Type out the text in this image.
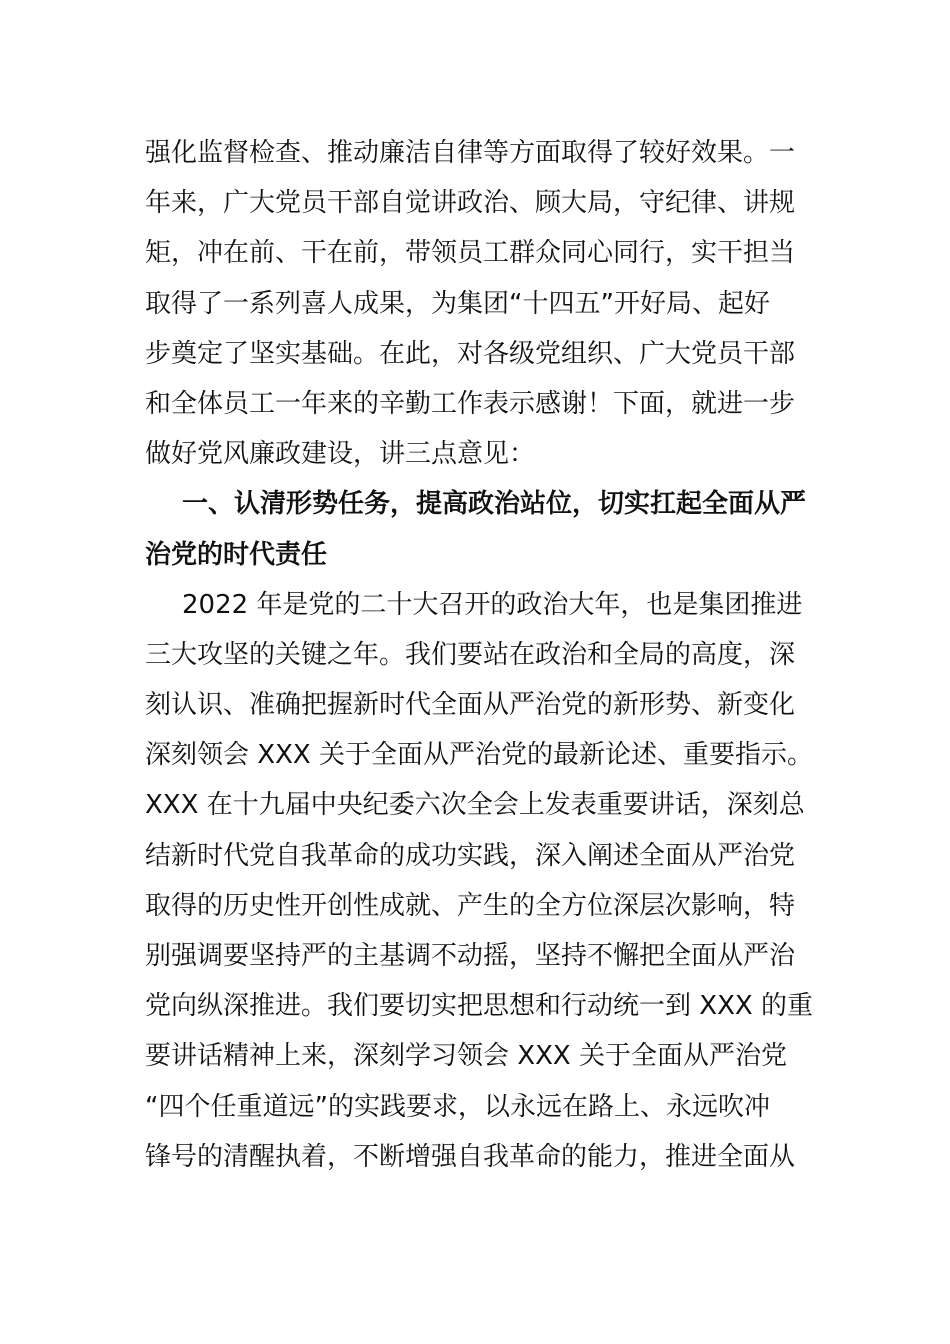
强化监督检查、推动廉洁自律等方面取得了较好效果。一
年来，广大党员干部自觉讲政治、顾大局，守纪律、讲规
矩，冲在前、干在前，带领员工群众同心同行，实干担当
取得了一系列喜人成果，为集团“十四五”开好局、起好
步奠定了坚实基础。在此，对各级党组织、广大党员干部
和全体员工一年来的辛勤工作表示感谢！下面，就进一步
做好党风廉政建设，讲三点意见：
一、认清形势任务，提高政治站位，切实扛起全面从严
治党的时代责任
2022 年是党的二十大召开的政治大年，也是集团推进
三大攻坚的关键之年。我们要站在政治和全局的高度，深
刻认识、准确把握新时代全面从严治党的新形势、新变化
深刻领会 XXX 关于全面从严治党的最新论述、重要指示。
XXX 在十九届中央纪委六次全会上发表重要讲话，深刻总
结新时代党自我革命的成功实践，深入阐述全面从严治党
取得的历史性开创性成就、产生的全方位深层次影响，特
别强调要坚持严的主基调不动摇，坚持不懈把全面从严治
党向纵深推进。我们要切实把思想和行动统一到 XXX 的重
要讲话精神上来，深刻学习领会 XXX 关于全面从严治党
“四个任重道远”的实践要求，以永远在路上、永远吹冲
锋号的清醒执着，不断增强自我革命的能力，推进全面从
